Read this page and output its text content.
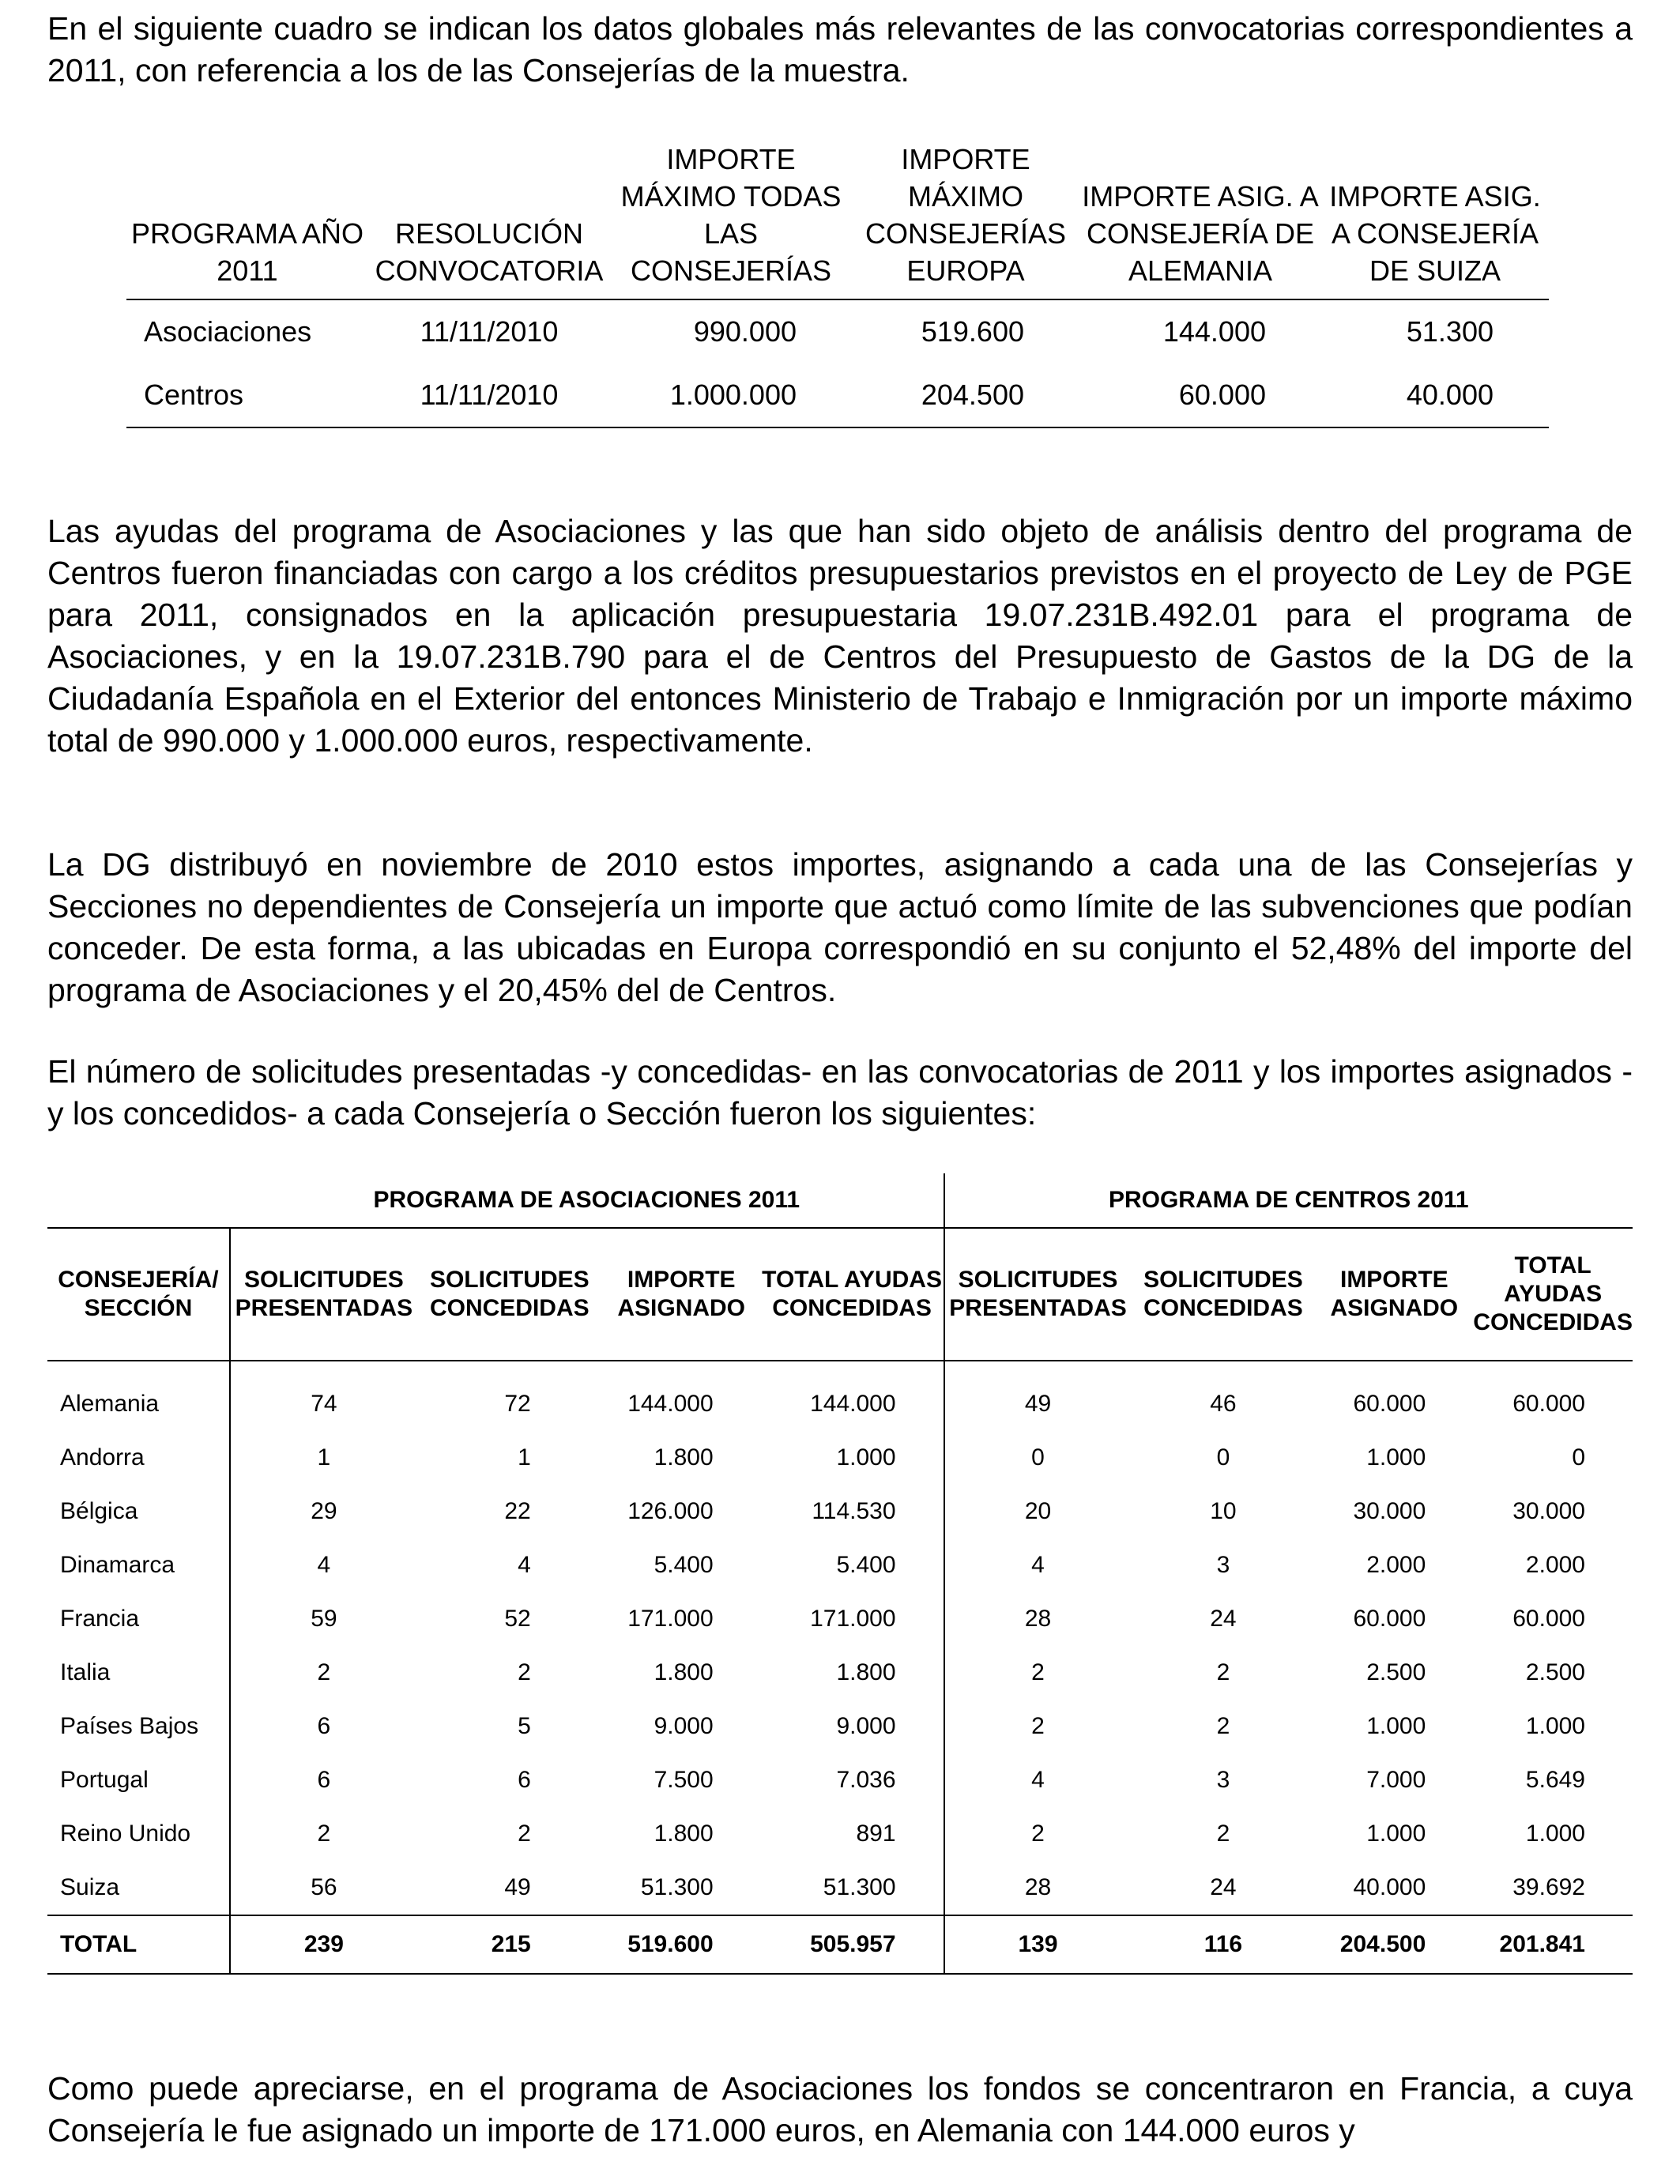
En el siguiente cuadro se indican los datos globales más relevantes de las convocatorias correspondientes a 2011, con referencia a los de las Consejerías de la muestra.

PROGRAMA AÑO 2011	RESOLUCIÓN CONVOCATORIA	IMPORTE MÁXIMO TODAS LAS CONSEJERÍAS	IMPORTE MÁXIMO CONSEJERÍAS EUROPA	IMPORTE ASIG. A CONSEJERÍA DE ALEMANIA	IMPORTE ASIG. A CONSEJERÍA DE SUIZA
Asociaciones	11/11/2010	990.000	519.600	144.000	51.300
Centros	11/11/2010	1.000.000	204.500	60.000	40.000

Las ayudas del programa de Asociaciones y las que han sido objeto de análisis dentro del programa de Centros fueron financiadas con cargo a los créditos presupuestarios previstos en el proyecto de Ley de PGE para 2011, consignados en la aplicación presupuestaria 19.07.231B.492.01 para el programa de Asociaciones, y en la 19.07.231B.790 para el de Centros del Presupuesto de Gastos de la DG de la Ciudadanía Española en el Exterior del entonces Ministerio de Trabajo e Inmigración por un importe máximo total de 990.000 y 1.000.000 euros, respectivamente.

La DG distribuyó en noviembre de 2010 estos importes, asignando a cada una de las Consejerías y Secciones no dependientes de Consejería un importe que actuó como límite de las subvenciones que podían conceder. De esta forma, a las ubicadas en Europa correspondió en su conjunto el 52,48% del importe del programa de Asociaciones y el 20,45% del de Centros.

El número de solicitudes presentadas -y concedidas- en las convocatorias de 2011 y los importes asignados -y los concedidos- a cada Consejería o Sección fueron los siguientes:

PROGRAMA DE ASOCIACIONES 2011					PROGRAMA DE CENTROS 2011			
CONSEJERÍA/ SECCIÓN	SOLICITUDES PRESENTADAS	SOLICITUDES CONCEDIDAS	IMPORTE ASIGNADO	TOTAL AYUDAS CONCEDIDAS	SOLICITUDES PRESENTADAS	SOLICITUDES CONCEDIDAS	IMPORTE ASIGNADO	TOTAL AYUDAS CONCEDIDAS
Alemania	74	72	144.000	144.000	49	46	60.000	60.000
Andorra	1	1	1.800	1.000	0	0	1.000	0
Bélgica	29	22	126.000	114.530	20	10	30.000	30.000
Dinamarca	4	4	5.400	5.400	4	3	2.000	2.000
Francia	59	52	171.000	171.000	28	24	60.000	60.000
Italia	2	2	1.800	1.800	2	2	2.500	2.500
Países Bajos	6	5	9.000	9.000	2	2	1.000	1.000
Portugal	6	6	7.500	7.036	4	3	7.000	5.649
Reino Unido	2	2	1.800	891	2	2	1.000	1.000
Suiza	56	49	51.300	51.300	28	24	40.000	39.692
TOTAL	239	215	519.600	505.957	139	116	204.500	201.841

Como puede apreciarse, en el programa de Asociaciones los fondos se concentraron en Francia, a cuya Consejería le fue asignado un importe de 171.000 euros, en Alemania con 144.000 euros y
